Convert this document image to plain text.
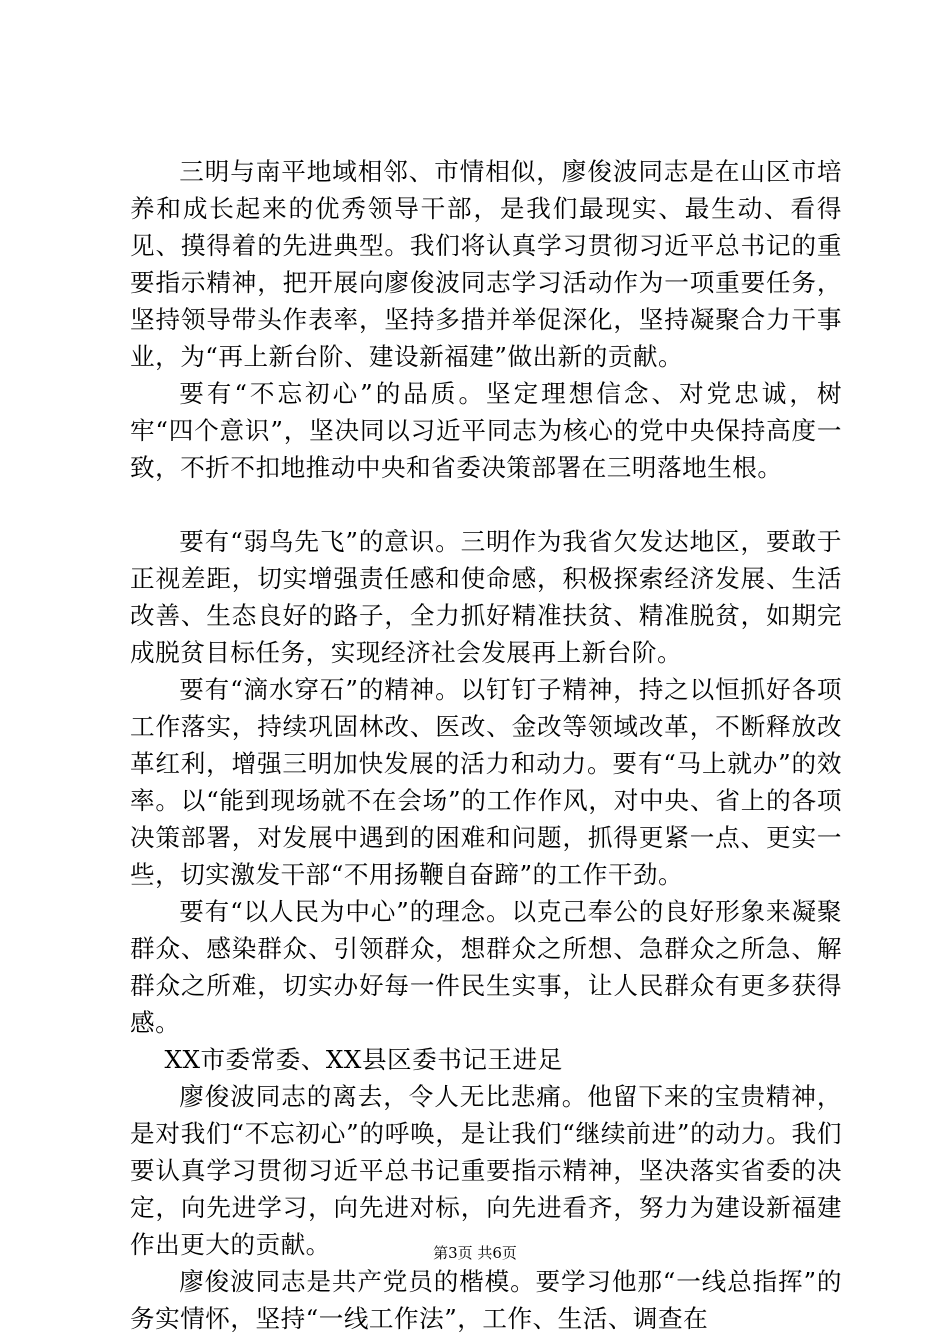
三明与南平地域相邻、市情相似，廖俊波同志是在山区市培养和成长起来的优秀领导干部，是我们最现实、最生动、看得见、摸得着的先进典型。我们将认真学习贯彻习近平总书记的重要指示精神，把开展向廖俊波同志学习活动作为一项重要任务，坚持领导带头作表率，坚持多措并举促深化，坚持凝聚合力干事业，为“再上新台阶、建设新福建”做出新的贡献。

要有“不忘初心”的品质。坚定理想信念、对党忠诚，树牢“四个意识”，坚决同以习近平同志为核心的党中央保持高度一致，不折不扣地推动中央和省委决策部署在三明落地生根。

要有“弱鸟先飞”的意识。三明作为我省欠发达地区，要敢于正视差距，切实增强责任感和使命感，积极探索经济发展、生活改善、生态良好的路子，全力抓好精准扶贫、精准脱贫，如期完成脱贫目标任务，实现经济社会发展再上新台阶。

要有“滴水穿石”的精神。以钉钉子精神，持之以恒抓好各项工作落实，持续巩固林改、医改、金改等领域改革，不断释放改革红利，增强三明加快发展的活力和动力。要有“马上就办”的效率。以“能到现场就不在会场”的工作作风，对中央、省上的各项决策部署，对发展中遇到的困难和问题，抓得更紧一点、更实一些，切实激发干部“不用扬鞭自奋蹄”的工作干劲。

要有“以人民为中心”的理念。以克己奉公的良好形象来凝聚群众、感染群众、引领群众，想群众之所想、急群众之所急、解群众之所难，切实办好每一件民生实事，让人民群众有更多获得感。

XX市委常委、XX县区委书记王进足

廖俊波同志的离去，令人无比悲痛。他留下来的宝贵精神，是对我们“不忘初心”的呼唤，是让我们“继续前进”的动力。我们要认真学习贯彻习近平总书记重要指示精神，坚决落实省委的决定，向先进学习，向先进对标，向先进看齐，努力为建设新福建作出更大的贡献。

廖俊波同志是共产党员的楷模。要学习他那“一线总指挥”的务实情怀，坚持“一线工作法”，工作、生活、调查在

第3页 共6页
